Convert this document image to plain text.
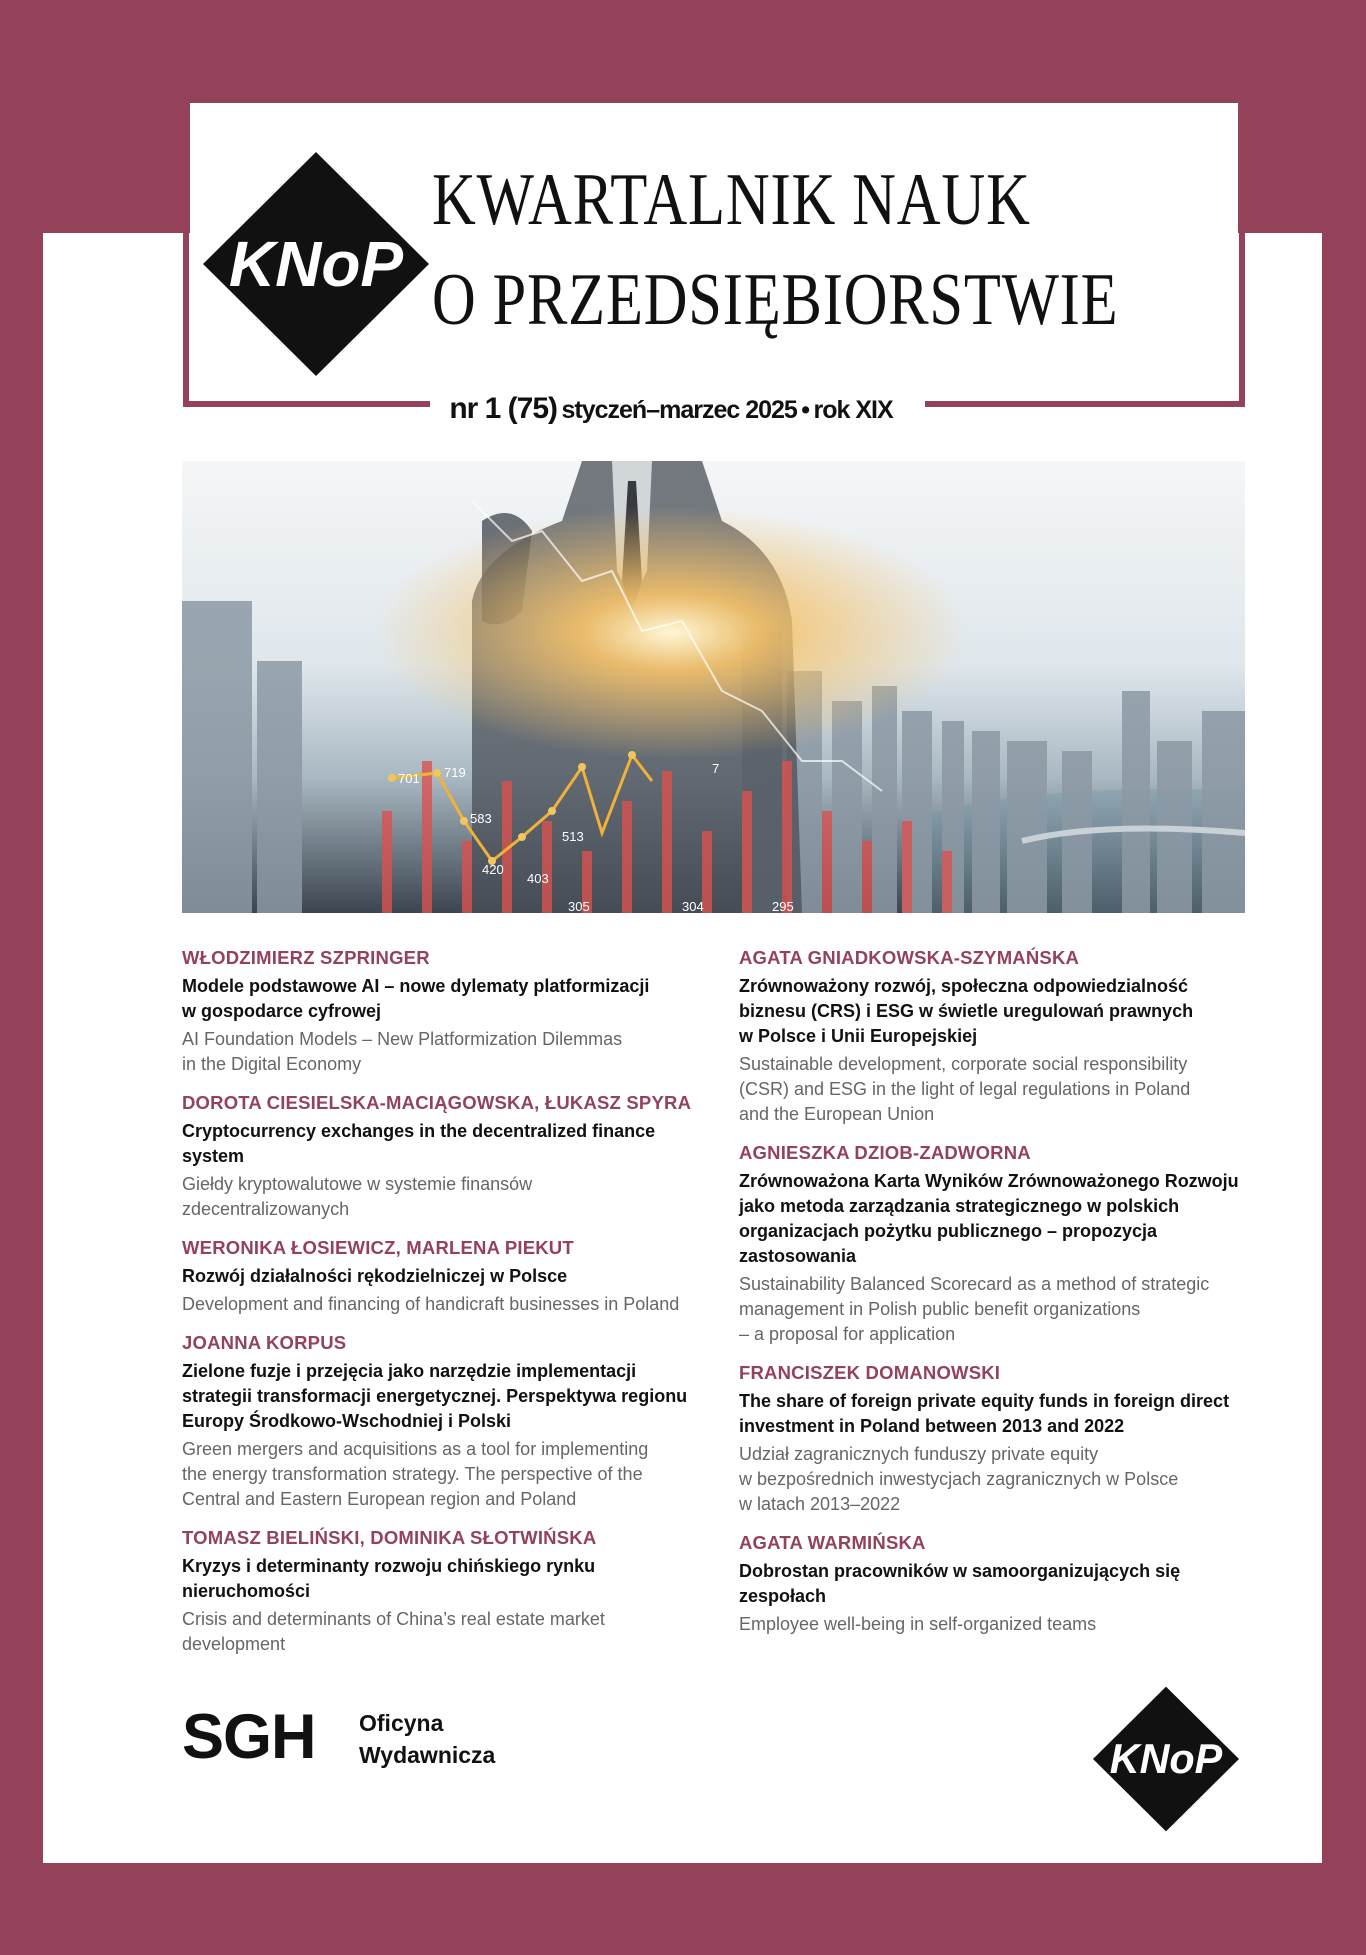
KNoP
KWARTALNIK NAUK
O PRZEDSIĘBIORSTWIE
nr 1 (75) styczeń–marzec 2025 • rok XIX
701 719
583
420
403
513
305	304	295
7
WŁODZIMIERZ SZPRINGER
Modele podstawowe AI – nowe dylematy platformizacji
w gospodarce cyfrowej
AI Foundation Models – New Platformization Dilemmas
in the Digital Economy
DOROTA CIESIELSKA-MACIĄGOWSKA, ŁUKASZ SPYRA
Cryptocurrency exchanges in the decentralized finance
system
Giełdy kryptowalutowe w systemie finansów
zdecentralizowanych
WERONIKA ŁOSIEWICZ, MARLENA PIEKUT
Rozwój działalności rękodzielniczej w Polsce
Development and financing of handicraft businesses in Poland
JOANNA KORPUS
Zielone fuzje i przejęcia jako narzędzie implementacji
strategii transformacji energetycznej. Perspektywa regionu
Europy Środkowo-Wschodniej i Polski
Green mergers and acquisitions as a tool for implementing
the energy transformation strategy. The perspective of the
Central and Eastern European region and Poland
TOMASZ BIELIŃSKI, DOMINIKA SŁOTWIŃSKA
Kryzys i determinanty rozwoju chińskiego rynku
nieruchomości
Crisis and determinants of China’s real estate market
development
AGATA GNIADKOWSKA-SZYMAŃSKA
Zrównoważony rozwój, społeczna odpowiedzialność
biznesu (CRS) i ESG w świetle uregulowań prawnych
w Polsce i Unii Europejskiej
Sustainable development, corporate social responsibility
(CSR) and ESG in the light of legal regulations in Poland
and the European Union
AGNIESZKA DZIOB-ZADWORNA
Zrównoważona Karta Wyników Zrównoważonego Rozwoju
jako metoda zarządzania strategicznego w polskich
organizacjach pożytku publicznego – propozycja
zastosowania
Sustainability Balanced Scorecard as a method of strategic
management in Polish public benefit organizations
– a proposal for application
FRANCISZEK DOMANOWSKI
The share of foreign private equity funds in foreign direct
investment in Poland between 2013 and 2022
Udział zagranicznych funduszy private equity
w bezpośrednich inwestycjach zagranicznych w Polsce
w latach 2013–2022
AGATA WARMIŃSKA
Dobrostan pracowników w samoorganizujących się
zespołach
Employee well-being in self-organized teams
SGH Oficyna
Wydawnicza	KNoP
